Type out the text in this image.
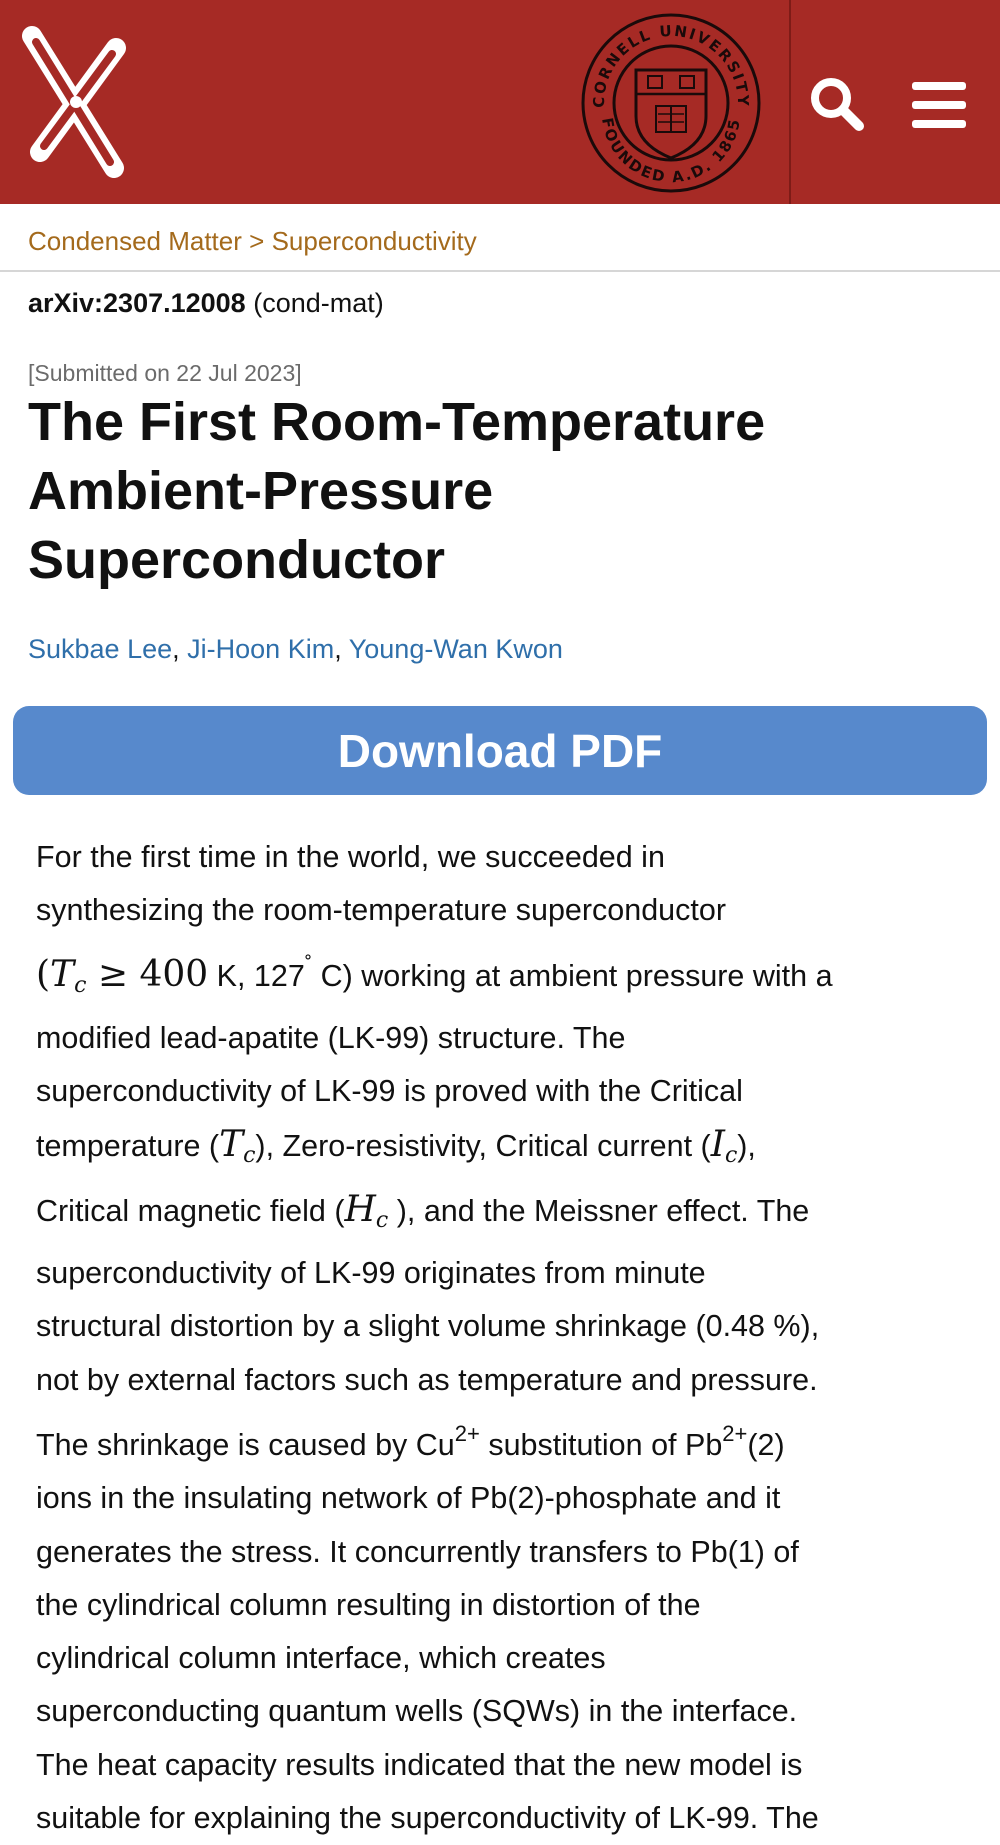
CORNELL UNIVERSITY
FOUNDED A.D. 1865
Condensed Matter > Superconductivity
arXiv:2307.12008 (cond-mat)
[Submitted on 22 Jul 2023]
The First Room-Temperature
Ambient-Pressure
Superconductor
Sukbae Lee, Ji-Hoon Kim, Young-Wan Kwon
Download PDF
For the first time in the world, we succeeded in
synthesizing the room-temperature superconductor
($T_c \ge 400$ K, 127˚ C) working at ambient pressure with a
modified lead-apatite (LK-99) structure. The
superconductivity of LK-99 is proved with the Critical
temperature $(T_c)$, Zero-resistivity, Critical current $(I_c)$,
Critical magnetic field ($H_c$ ), and the Meissner effect. The
superconductivity of LK-99 originates from minute
structural distortion by a slight volume shrinkage (0.48 %),
not by external factors such as temperature and pressure.
The shrinkage is caused by $Cu^{2+}$ substitution of $Pb^{2+}(2)$
ions in the insulating network of Pb(2)-phosphate and it
generates the stress. It concurrently transfers to Pb(1) of
the cylindrical column resulting in distortion of the
cylindrical column interface, which creates
superconducting quantum wells (SQWs) in the interface.
The heat capacity results indicated that the new model is
suitable for explaining the superconductivity of LK-99. The
